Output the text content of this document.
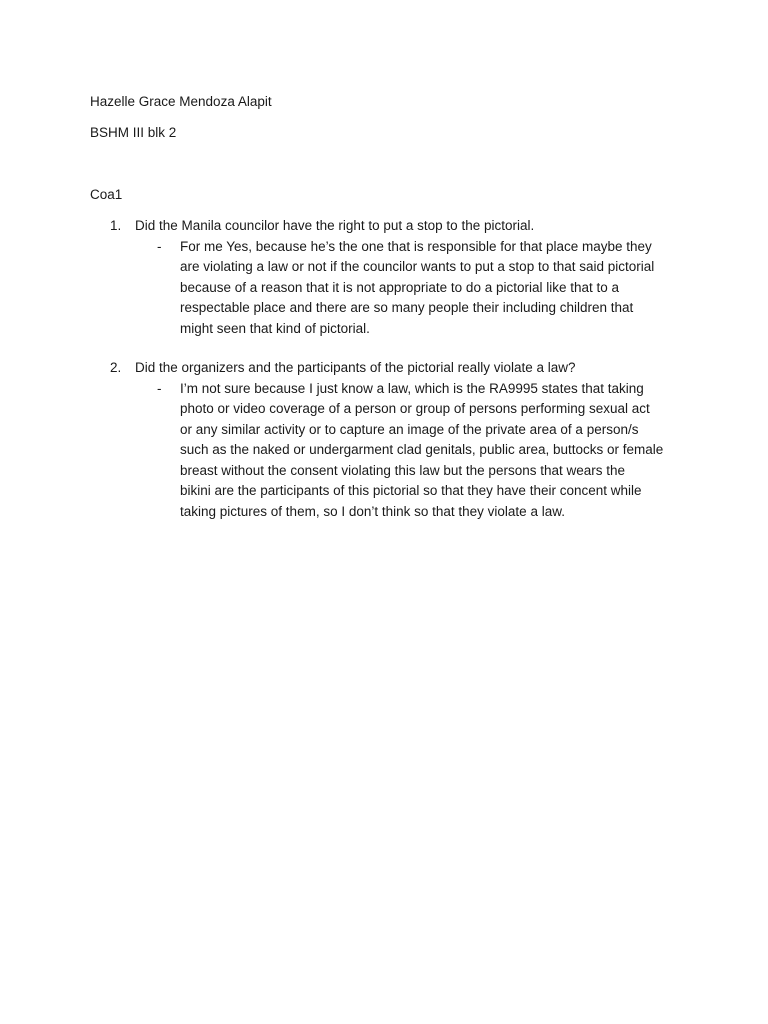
Hazelle Grace Mendoza Alapit
BSHM III blk 2
Coa1
1.	Did the Manila councilor have the right to put a stop to the pictorial.
- For me Yes, because he’s the one that is responsible for that place maybe they
are violating a law or not if the councilor wants to put a stop to that said pictorial
because of a reason that it is not appropriate to do a pictorial like that to a
respectable place and there are so many people their including children that
might seen that kind of pictorial.
2.	Did the organizers and the participants of the pictorial really violate a law?
- I’m not sure because I just know a law, which is the RA9995 states that taking
photo or video coverage of a person or group of persons performing sexual act
or any similar activity or to capture an image of the private area of a person/s
such as the naked or undergarment clad genitals, public area, buttocks or female
breast without the consent violating this law but the persons that wears the
bikini are the participants of this pictorial so that they have their concent while
taking pictures of them, so I don’t think so that they violate a law.
